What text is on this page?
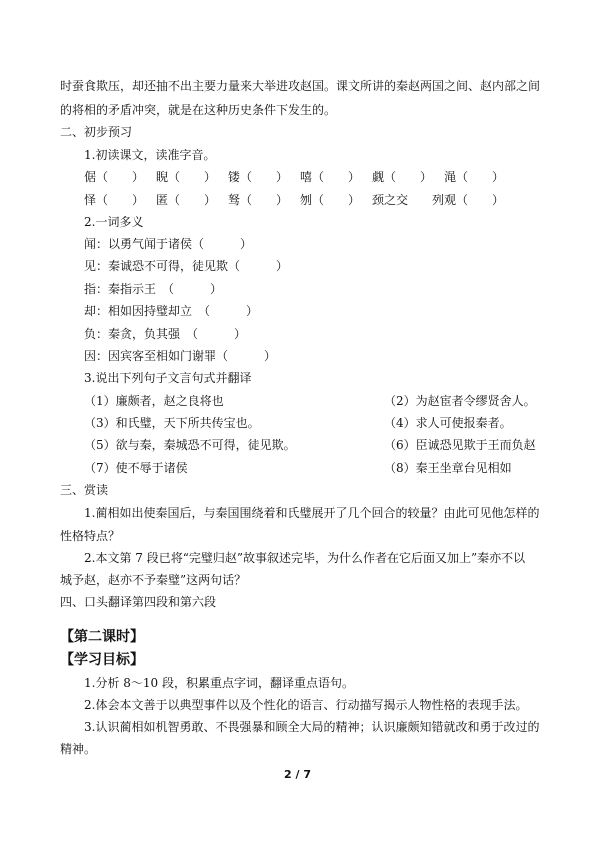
时蚕食欺压，却还抽不出主要力量来大举进攻赵国。课文所讲的秦赵两国之间、赵内部之间
的将相的矛盾冲突，就是在这种历史条件下发生的。
二、初步预习
1.初读课文，读准字音。
倨（　　） 睨（　　） 镂（　　） 嘻（　　） 觑（　　） 渑（　　）
怿（　　） 匿（　　） 驽（　　） 刎（　　） 颈之交 列观（　　）
2.一词多义
闻：以勇气闻于诸侯（　　　）
见：秦诚恐不可得，徒见欺（　　　）
指：秦指示王　（　　　）
却：相如因持璧却立　（　　　）
负：秦贪，负其强　（　　　）
因：因宾客至相如门谢罪（　　　）
3.说出下列句子文言句式并翻译
（1）廉颇者，赵之良将也	（2）为赵宦者令缪贤舍人。
（3）和氏璧，天下所共传宝也。	（4）求人可使报秦者。
（5）欲与秦，秦城恐不可得，徒见欺。	（6）臣诚恐见欺于王而负赵
（7）使不辱于诸侯	（8）秦王坐章台见相如
三、赏读
1.蔺相如出使秦国后，与秦国围绕着和氏璧展开了几个回合的较量？由此可见他怎样的
性格特点？
2.本文第 7 段已将“完璧归赵”故事叙述完毕，为什么作者在它后面又加上”秦亦不以
城予赵，赵亦不予秦璧”这两句话？
四、口头翻译第四段和第六段
【第二课时】
【学习目标】
1.分析 8～10 段，积累重点字词，翻译重点语句。
2.体会本文善于以典型事件以及个性化的语言、行动描写揭示人物性格的表现手法。
3.认识蔺相如机智勇敢、不畏强暴和顾全大局的精神；认识廉颇知错就改和勇于改过的
精神。
2 / 7
